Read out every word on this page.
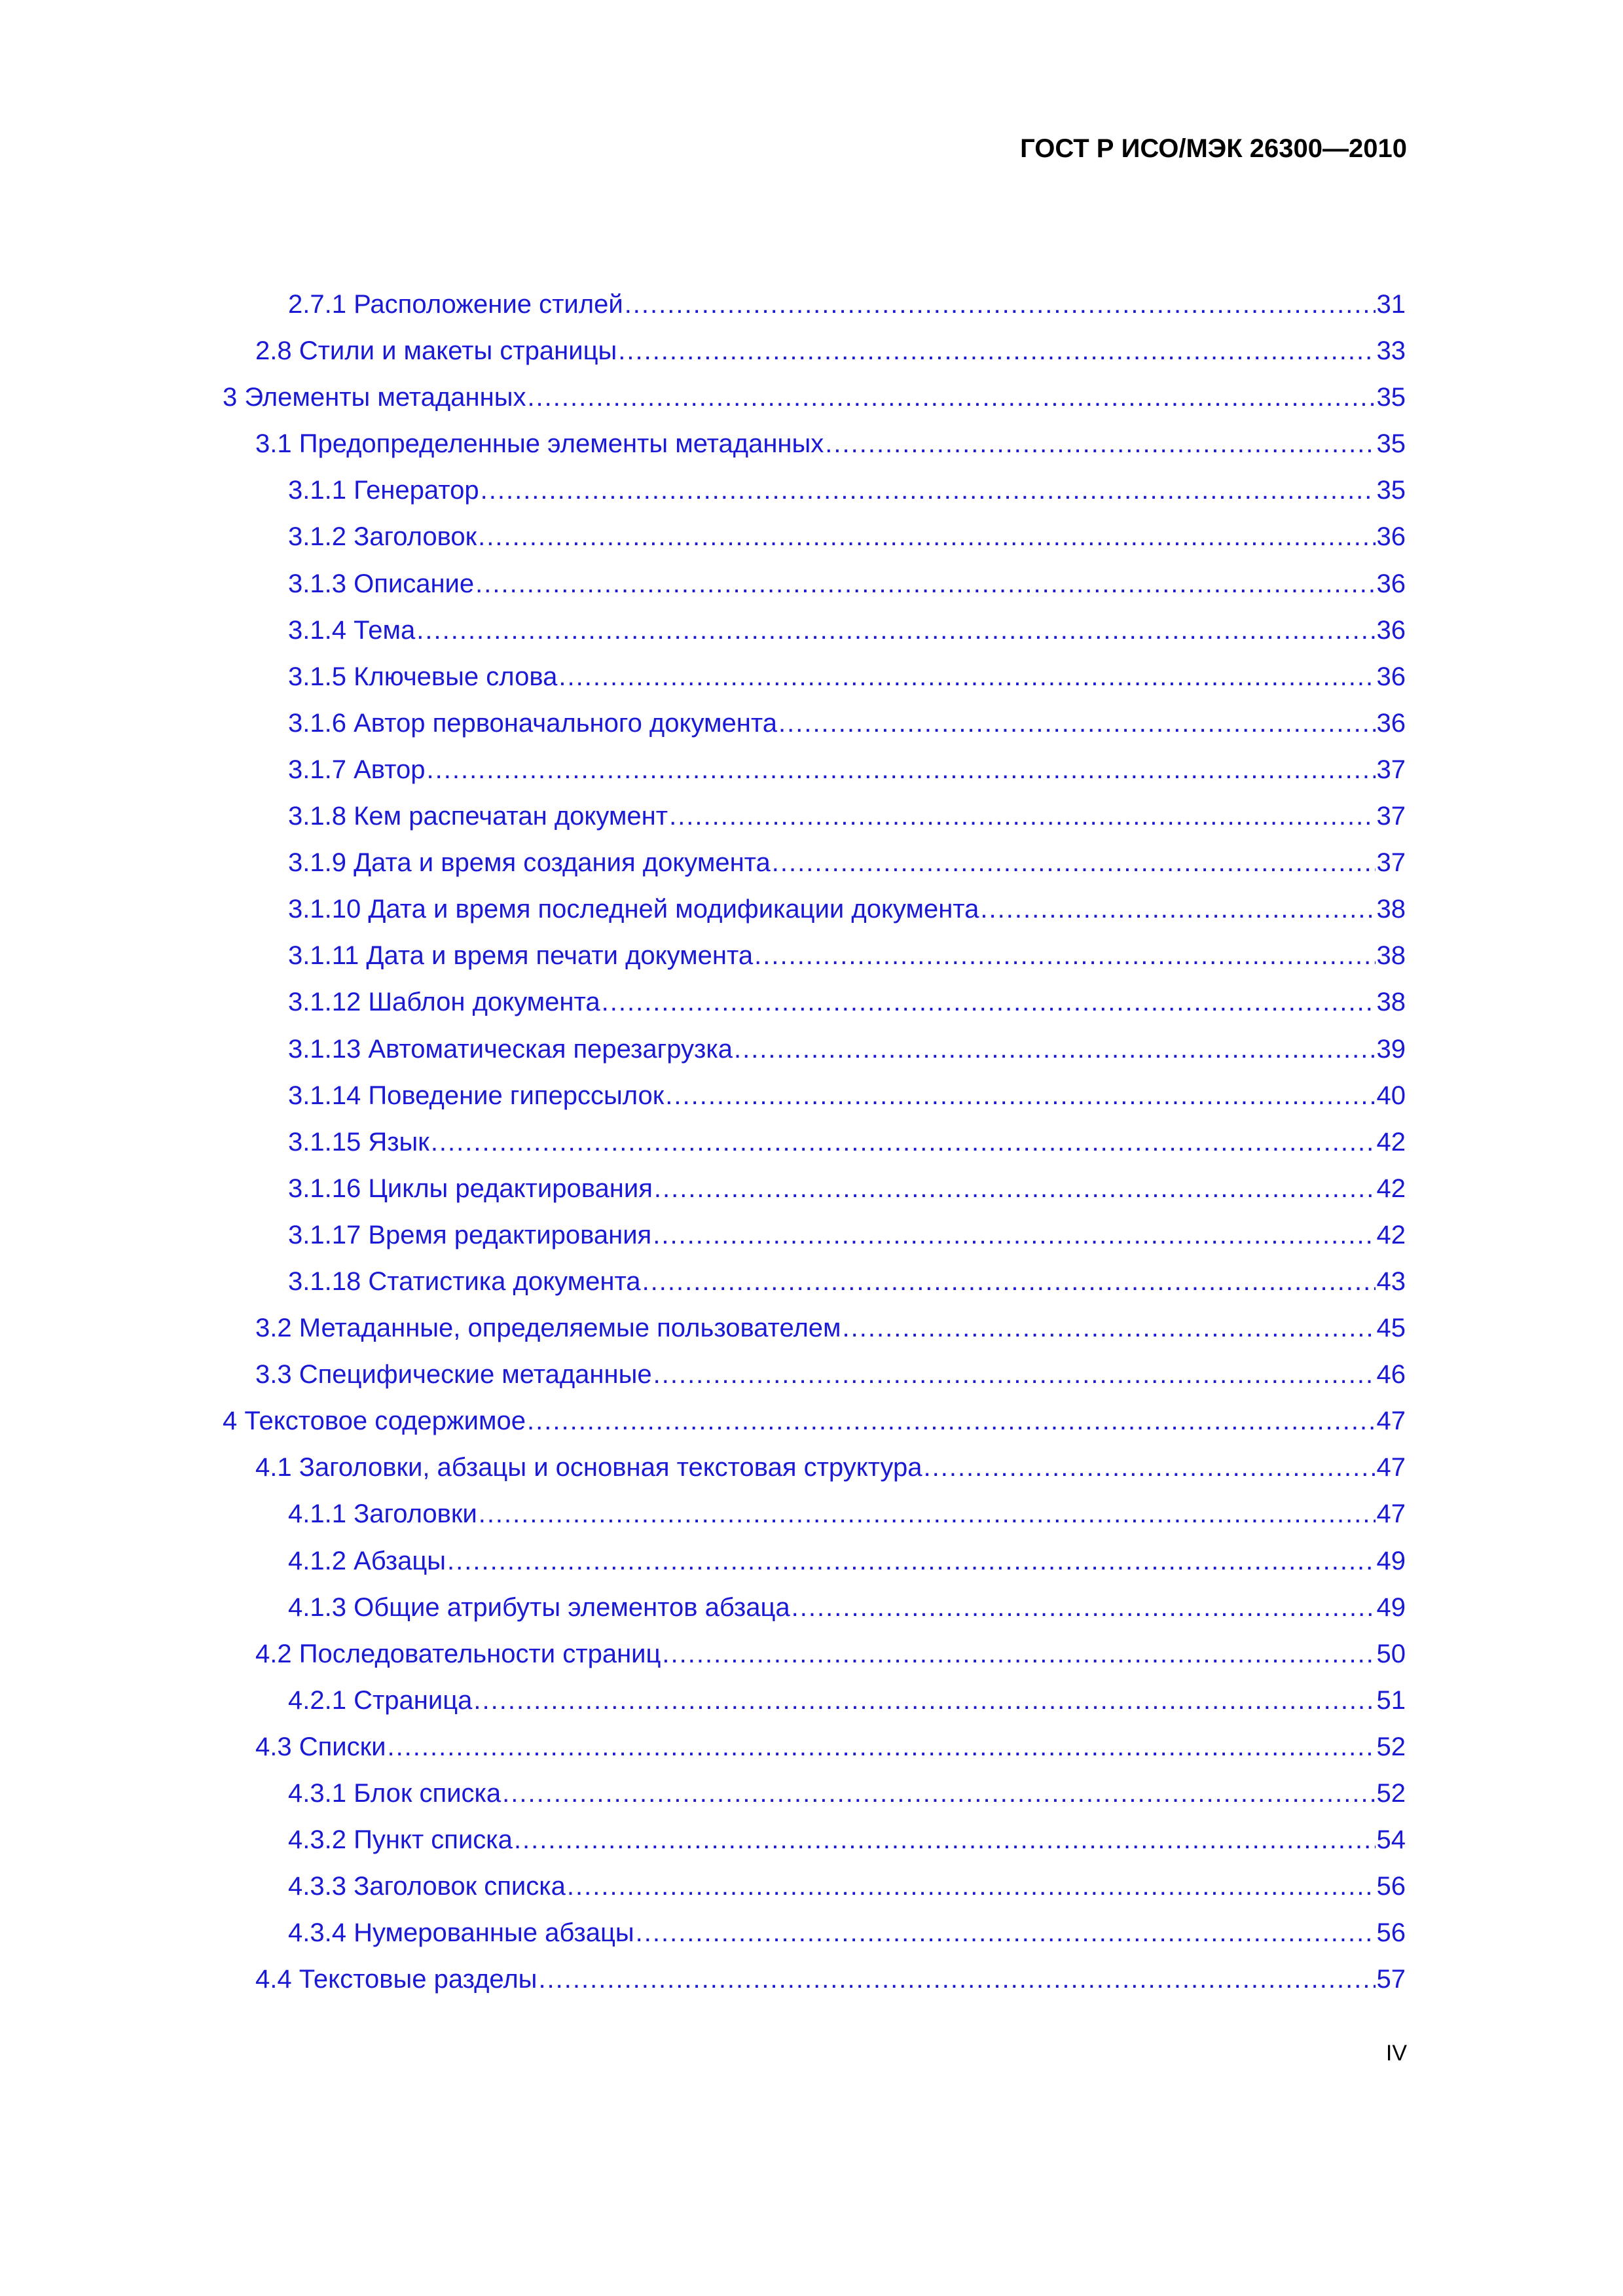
ГОСТ Р ИСО/МЭК 26300—2010
2.7.1 Расположение стилей .....	31
2.8 Стили и макеты страницы .....	33
3 Элементы метаданных .....	35
3.1 Предопределенные элементы метаданных .....	35
3.1.1 Генератор .....	35
3.1.2 Заголовок .....	36
3.1.3 Описание .....	36
3.1.4 Тема .....	36
3.1.5 Ключевые слова .....	36
3.1.6 Автор первоначального документа .....	36
3.1.7 Автор .....	37
3.1.8 Кем распечатан документ .....	37
3.1.9 Дата и время создания документа .....	37
3.1.10 Дата и время последней модификации документа .....	38
3.1.11 Дата и время печати документа .....	38
3.1.12 Шаблон документа .....	38
3.1.13 Автоматическая перезагрузка .....	39
3.1.14 Поведение гиперссылок .....	40
3.1.15 Язык .....	42
3.1.16 Циклы редактирования .....	42
3.1.17 Время редактирования .....	42
3.1.18 Статистика документа .....	43
3.2 Метаданные, определяемые пользователем .....	45
3.3 Специфические метаданные .....	46
4 Текстовое содержимое .....	47
4.1 Заголовки, абзацы и основная текстовая структура .....	47
4.1.1 Заголовки .....	47
4.1.2 Абзацы .....	49
4.1.3 Общие атрибуты элементов абзаца .....	49
4.2 Последовательности страниц .....	50
4.2.1 Страница .....	51
4.3 Списки .....	52
4.3.1 Блок списка .....	52
4.3.2 Пункт списка .....	54
4.3.3 Заголовок списка .....	56
4.3.4 Нумерованные абзацы .....	56
4.4 Текстовые разделы .....	57
IV
